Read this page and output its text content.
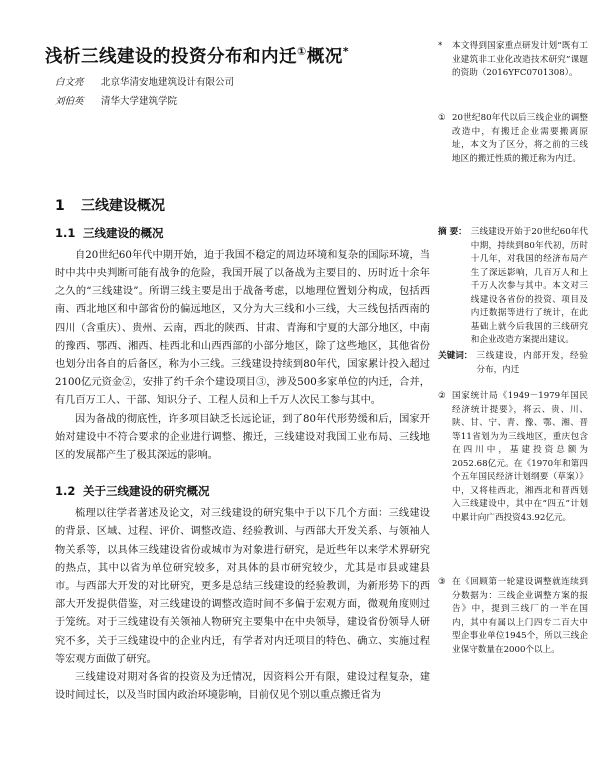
浅析三线建设的投资分布和内迁①概况*
白文亮 北京华清安地建筑设计有限公司
刘伯英 清华大学建筑学院
1 三线建设概况
1.1 三线建设的概况

自20世纪60年代中期开始，迫于我国不稳定的周边环境和复杂的国际环境，当时中共中央判断可能有战争的危险，我国开展了以备战为主要目的、历时近十余年之久的“三线建设”。所谓三线主要是出于战备考虑，以地理位置划分构成，包括西南、西北地区和中部省份的偏远地区，又分为大三线和小三线，大三线包括西南的四川（含重庆）、贵州、云南，西北的陕西、甘肃、青海和宁夏的大部分地区，中南的豫西、鄂西、湘西、桂西北和山西西部的小部分地区，除了这些地区，其他省份也划分出各自的后备区，称为小三线。三线建设持续到80年代，国家累计投入超过2100亿元资金②，安排了约千余个建设项目③，涉及500多家单位的内迁，合并，有几百万工人、干部、知识分子、工程人员和上千万人次民工参与其中。

因为备战的彻底性，许多项目缺乏长远论证，到了80年代形势缓和后，国家开始对建设中不符合要求的企业进行调整、搬迁，三线建设对我国工业布局、三线地区的发展都产生了极其深远的影响。

1.2 关于三线建设的研究概况

梳理以往学者著述及论文，对三线建设的研究集中于以下几个方面：三线建设的背景、区域、过程、评价、调整改造、经验教训、与西部大开发关系、与领袖人物关系等，以具体三线建设省份或城市为对象进行研究，是近些年以来学术界研究的热点，其中以省为单位研究较多，对具体的县市研究较少，尤其是市县或建县市。与西部大开发的对比研究，更多是总结三线建设的经验教训，为新形势下的西部大开发提供借鉴，对三线建设的调整改造时间不多偏于宏观方面，微观角度则过于笼统。对于三线建设有关领袖人物研究主要集中在中央领导，建设省份领导人研究不多，关于三线建设中的企业内迁，有学者对内迁项目的特色、确立、实施过程等宏观方面做了研究。

三线建设对期对各省的投资及为迁情况，因资料公开有限，建设过程复杂，建设时间过长，以及当时国内政治环境影响，目前仅见个别以重点搬迁省为

*	本文得到国家重点研发计划“既有工业建筑非工业化改造技术研究”课题的资助（2016YFC0701308）。
① 20世纪80年代以后三线企业的调整改造中，有搬迁企业需要搬离原址，本文为了区分，将之前的三线地区的搬迁性质的搬迁称为内迁。
摘 要： 三线建设开始于20世纪60年代中期，持续到80年代初，历时十几年，对我国的经济布局产生了深远影响，几百万人和上千万人次参与其中。本文对三线建设各省份的投资、项目及内迁数据等进行了统计，在此基础上就今后我国的三线研究和企业改造方案提出建议。
关键词： 三线建设，内部开发，经验分布，内迁
② 国家统计局《1949－1979年国民经济统计提要》，将云、贵、川、陕、甘、宁、青、豫、鄂、湘、晋等11省划为为三线地区，重庆包含在四川中，基建投资总额为2052.68亿元。在《1970年和第四个五年国民经济计划纲要（草案）》中，又将桂西北，湘西北和晋西划入三线建设中，其中在“四五”计划中累计向广西投资43.92亿元。
③ 在《回顾第一轮建设调整就连续到分数据为：三线企业调整方案的报告》中，提到三线厂的一半在国内，其中有属以上门四专二百大中型企事业单位1945个，所以三线企业保守数量在2000个以上。
